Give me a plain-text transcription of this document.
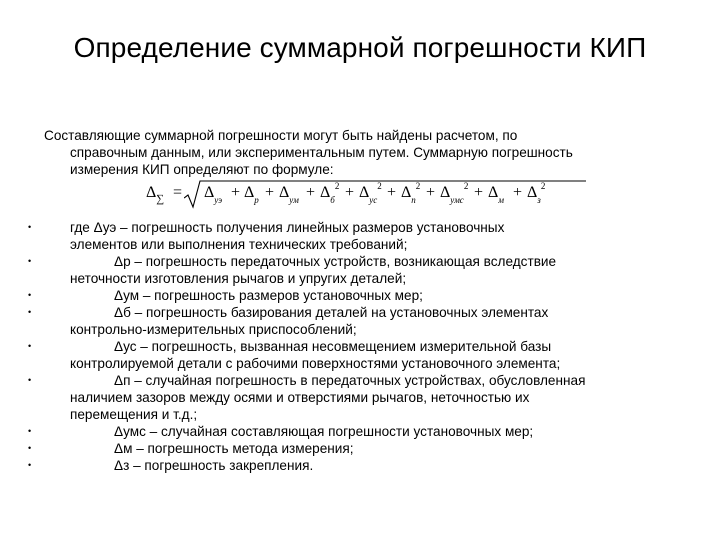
Определение суммарной погрешности КИП
Составляющие суммарной погрешности могут быть найдены расчетом, по
справочным данным, или экспериментальным путем. Суммарную погрешность
измерения КИП определяют по формуле:
$\Delta_\sum = \Delta_{уэ} + \Delta_р + \Delta_{ум} + \Delta_б^2 + \Delta_{ус}^2 + \Delta_п^2 + \Delta_{умс}^2 + \Delta_м + \Delta_з^2$
•	где Δуэ – погрешность получения линейных размеров установочных
элементов или выполнения технических требований;
•	Δр – погрешность передаточных устройств, возникающая вследствие
неточности изготовления рычагов и упругих деталей;
•	Δум – погрешность размеров установочных мер;
•	Δб – погрешность базирования деталей на установочных элементах
контрольно-измерительных приспособлений;
•	Δус – погрешность, вызванная несовмещением измерительной базы
контролируемой детали с рабочими поверхностями установочного элемента;
•	Δп – случайная погрешность в передаточных устройствах, обусловленная
наличием зазоров между осями и отверстиями рычагов, неточностью их
перемещения и т.д.;
•	Δумс – случайная составляющая погрешности установочных мер;
•	Δм – погрешность метода измерения;
•	Δз – погрешность закрепления.
